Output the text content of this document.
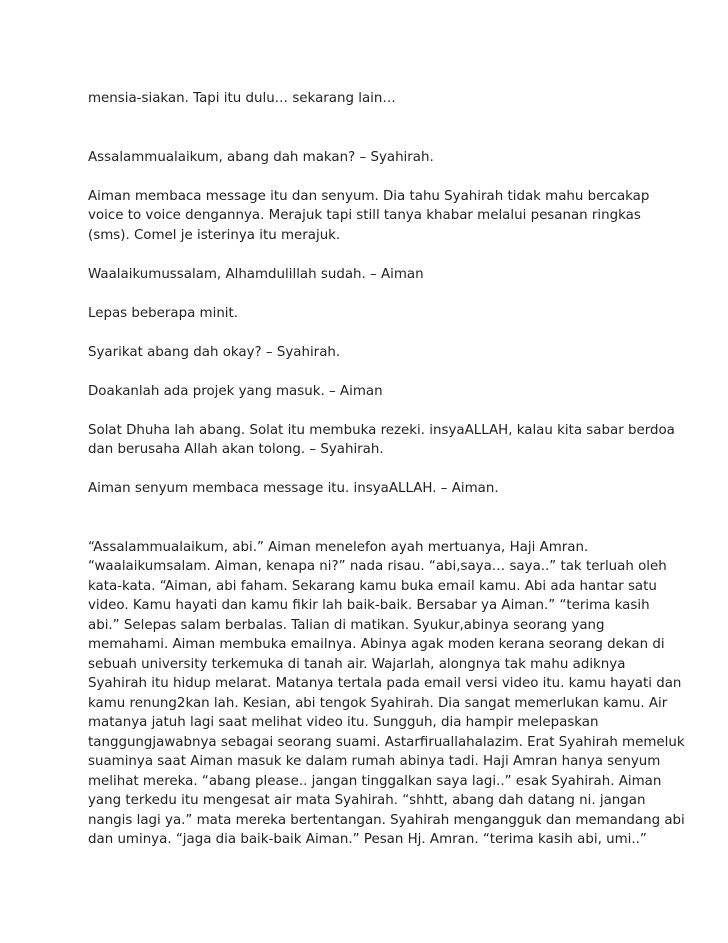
mensia-siakan. Tapi itu dulu… sekarang lain…

Assalammualaikum, abang dah makan? – Syahirah.

Aiman membaca message itu dan senyum. Dia tahu Syahirah tidak mahu bercakap
voice to voice dengannya. Merajuk tapi still tanya khabar melalui pesanan ringkas
(sms). Comel je isterinya itu merajuk.

Waalaikumussalam, Alhamdulillah sudah. – Aiman

Lepas beberapa minit.

Syarikat abang dah okay? – Syahirah.

Doakanlah ada projek yang masuk. – Aiman

Solat Dhuha lah abang. Solat itu membuka rezeki. insyaALLAH, kalau kita sabar berdoa
dan berusaha Allah akan tolong. – Syahirah.

Aiman senyum membaca message itu. insyaALLAH. – Aiman.

“Assalammualaikum, abi.” Aiman menelefon ayah mertuanya, Haji Amran.
“waalaikumsalam. Aiman, kenapa ni?” nada risau. “abi,saya… saya..” tak terluah oleh
kata-kata. “Aiman, abi faham. Sekarang kamu buka email kamu. Abi ada hantar satu
video. Kamu hayati dan kamu fikir lah baik-baik. Bersabar ya Aiman.” “terima kasih
abi.” Selepas salam berbalas. Talian di matikan. Syukur,abinya seorang yang
memahami. Aiman membuka emailnya. Abinya agak moden kerana seorang dekan di
sebuah university terkemuka di tanah air. Wajarlah, alongnya tak mahu adiknya
Syahirah itu hidup melarat. Matanya tertala pada email versi video itu. kamu hayati dan
kamu renung2kan lah. Kesian, abi tengok Syahirah. Dia sangat memerlukan kamu. Air
matanya jatuh lagi saat melihat video itu. Sungguh, dia hampir melepaskan
tanggungjawabnya sebagai seorang suami. Astarfiruallahalazim. Erat Syahirah memeluk
suaminya saat Aiman masuk ke dalam rumah abinya tadi. Haji Amran hanya senyum
melihat mereka. “abang please.. jangan tinggalkan saya lagi..” esak Syahirah. Aiman
yang terkedu itu mengesat air mata Syahirah. “shhtt, abang dah datang ni. jangan
nangis lagi ya.” mata mereka bertentangan. Syahirah mengangguk dan memandang abi
dan uminya. “jaga dia baik-baik Aiman.” Pesan Hj. Amran. “terima kasih abi, umi..”
